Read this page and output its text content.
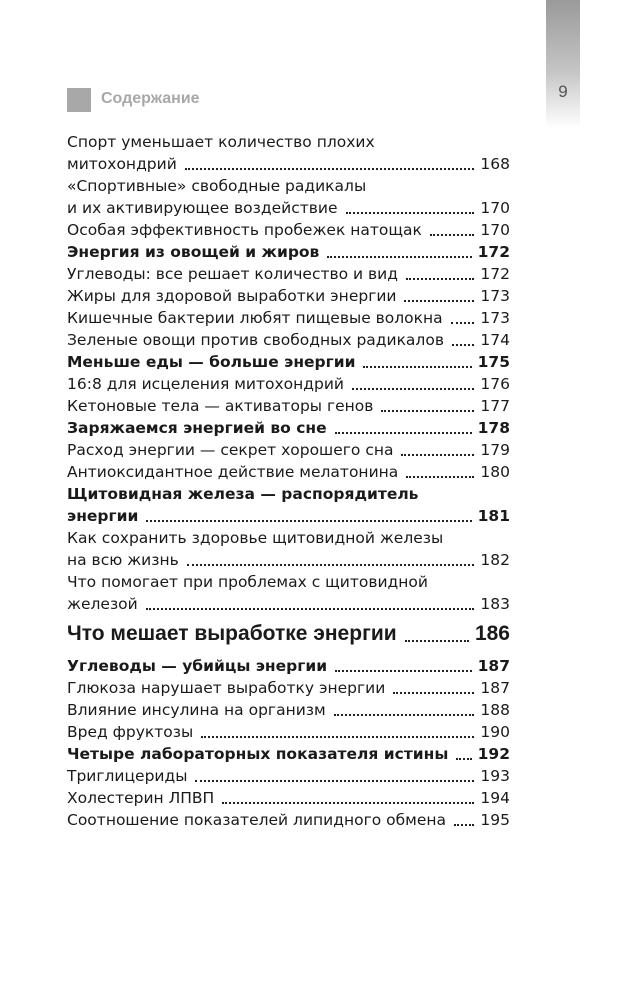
9
Содержание
Спорт уменьшает количество плохих
митохондрий	168
«Спортивные» свободные радикалы
и их активирующее воздействие	170
Особая эффективность пробежек натощак	170
Энергия из овощей и жиров	172
Углеводы: все решает количество и вид	172
Жиры для здоровой выработки энергии	173
Кишечные бактерии любят пищевые волокна 173
Зеленые овощи против свободных радикалов 174
Меньше еды — больше энергии	175
16:8 для исцеления митохондрий	176
Кетоновые тела — активаторы генов	177
Заряжаемся энергией во сне	178
Расход энергии — секрет хорошего сна	179
Антиоксидантное действие мелатонина	180
Щитовидная железа — распорядитель
энергии	181
Как сохранить здоровье щитовидной железы
на всю жизнь	182
Что помогает при проблемах с щитовидной
железой	183
Что мешает выработке энергии	186
Углеводы — убийцы энергии	187
Глюкоза нарушает выработку энергии	187
Влияние инсулина на организм	188
Вред фруктозы	190
Четыре лабораторных показателя истины 192
Триглицериды	193
Холестерин ЛПВП	194
Соотношение показателей липидного обмена 195
